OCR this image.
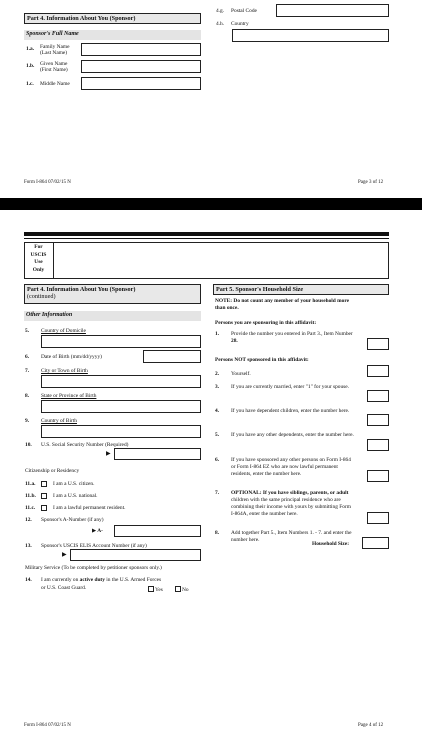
4.g. Postal Code
4.h. Country
Part 4. Information About You (Sponsor)
Sponsor's Full Name
1.a. Family Name
(Last Name)
1.b. Given Name
(First Name)
1.c. Middle Name
Form I-864 07/02/15 N	Page 3 of 12
For
USCIS
Use
Only
Part 4. Information About You (Sponsor)
(continued)
Other Information
5. Country of Domicile
6. Date of Birth (mm/dd/yyyy)
7. City or Town of Birth
8. State or Province of Birth
9. Country of Birth
10. U.S. Social Security Number (Required)
▶
Citizenship or Residency
11.a.	I am a U.S. citizen.
11.b.	I am a U.S. national.
11.c.	I am a lawful permanent resident.
12. Sponsor's A-Number (if any)
▶ A-
13. Sponsor's USCIS ELIS Account Number (if any)
▶
Military Service (To be completed by petitioner sponsors only.)
14. I am currently on active duty in the U.S. Armed Forces
or U.S. Coast Guard.	Yes	No
Part 5. Sponsor's Household Size
NOTE: Do not count any member of your household more
than once.
Persons you are sponsoring in this affidavit:
1. Provide the number you entered in Part 3., Item Number
28.
Persons NOT sponsored in this affidavit:
2. Yourself.
3. If you are currently married, enter "1" for your spouse.
4. If you have dependent children, enter the number here.
5. If you have any other dependents, enter the number here.
6. If you have sponsored any other persons on Form I-864
or Form I-864 EZ who are now lawful permanent
residents, enter the number here.
7. OPTIONAL: If you have siblings, parents, or adult
children with the same principal residence who are
combining their income with yours by submitting Form
I-864A, enter the number here.
8. Add together Part 5., Item Numbers 1. - 7. and enter the
number here.
Household Size:
Form I-864 07/02/15 N	Page 4 of 12
